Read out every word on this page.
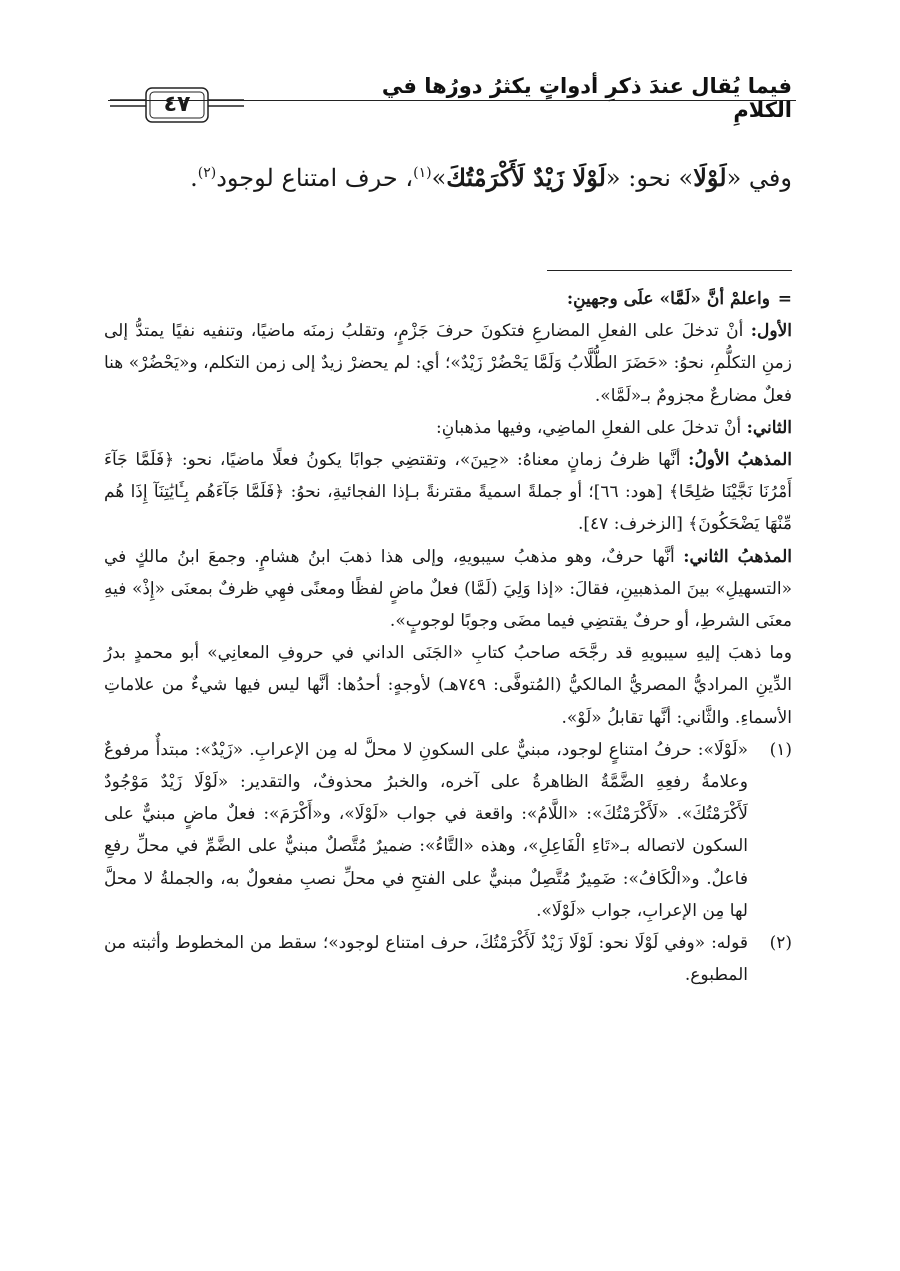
فيما يُقال عندَ ذكرِ أدواتٍ يكثرُ دورُها في الكلامِ
٤٧

وفي «لَوْلَا» نحو: «لَوْلَا زَيْدٌ لَأَكْرَمْتُكَ»$^{(١)}$، حرف امتناع لوجود$^{(٢)}$.

=
واعلمْ أنَّ «لَمَّا» علَى وجهينِ:

الأول: أنْ تدخلَ على الفعلِ المضارعِ فتكونَ حرفَ جَزْمٍ، وتقلبُ زمنَه ماضيًا، وتنفيه نفيًا يمتدُّ إلى زمنِ التكلُّمِ، نحوُ: «حَضَرَ الطُّلَّابُ وَلَمَّا يَحْضُرْ زَيْدٌ»؛ أي: لم يحضرْ زيدٌ إلى زمن التكلم، و«يَحْضُرْ» هنا فعلٌ مضارعٌ مجزومٌ بـ«لَمَّا».

الثاني: أنْ تدخلَ على الفعلِ الماضِي، وفيها مذهبانِ:

المذهبُ الأولُ: أنَّها ظرفُ زمانٍ معناهُ: «حِينَ»، وتقتضِي جوابًا يكونُ فعلًا ماضيًا، نحو: ﴿فَلَمَّا جَآءَ أَمْرُنَا نَجَّيْنَا صَٰلِحًا﴾ [هود: ٦٦]؛ أو جملةً اسميةً مقترنةً بـإذا الفجائيةِ، نحوُ: ﴿فَلَمَّا جَآءَهُم بِـَٔايَٰتِنَآ إِذَا هُم مِّنْهَا يَضْحَكُونَ﴾ [الزخرف: ٤٧].

المذهبُ الثاني: أنَّها حرفٌ، وهو مذهبُ سيبويهِ، وإلى هذا ذهبَ ابنُ هشامٍ. وجمعَ ابنُ مالكٍ في «التسهيلِ» بينَ المذهبينِ، فقالَ: «إذا وَلِيَ (لَمَّا) فعلٌ ماضٍ لفظًا ومعنًى فهِي ظرفٌ بمعنَى «إِذْ» فيهِ معنَى الشرطِ، أو حرفٌ يقتضِي فيما مضَى وجوبًا لوجوبٍ».

وما ذهبَ إليهِ سيبويهِ قد رجَّحَه صاحبُ كتابِ «الجَنَى الداني في حروفِ المعانِي» أبو محمدٍ بدرُ الدِّينِ المراديُّ المصريُّ المالكيُّ (المُتوفَّى: ٧٤٩هـ) لأوجهٍ: أحدُها: أنَّها ليس فيها شيءٌ من علاماتِ الأسماءِ. والثَّاني: أنَّها تقابلُ «لَوْ».

(١)
«لَوْلَا»: حرفُ امتناعٍ لوجود، مبنيٌّ على السكونِ لا محلَّ له مِن الإعرابِ. «زَيْدٌ»: مبتدأٌ مرفوعٌ وعلامةُ رفعِهِ الضَّمَّةُ الظاهرةُ على آخره، والخبرُ محذوفٌ، والتقدير: «لَوْلَا زَيْدٌ مَوْجُودٌ لَأَكْرَمْتُكَ». «لَأَكْرَمْتُكَ»: «اللَّامُ»: واقعة في جواب «لَوْلَا»، و«أَكْرَمَ»: فعلٌ ماضٍ مبنيٌّ على السكون لاتصاله بـ«تَاءِ الْفَاعِلِ»، وهذه «التَّاءُ»: ضميرٌ مُتَّصلٌ مبنيٌّ على الضَّمِّ في محلِّ رفعِ فاعلٌ. و«الْكَافُ»: ضَمِيرٌ مُتَّصِلٌ مبنيٌّ على الفتحِ في محلِّ نصبِ مفعولٌ به، والجملةُ لا محلَّ لها مِن الإعرابِ، جواب «لَوْلَا».

(٢)
قوله: «وفي لَوْلَا نحو: لَوْلَا زَيْدٌ لَأَكْرَمْتُكَ، حرف امتناع لوجود»؛ سقط من المخطوط وأثبته من المطبوع.
